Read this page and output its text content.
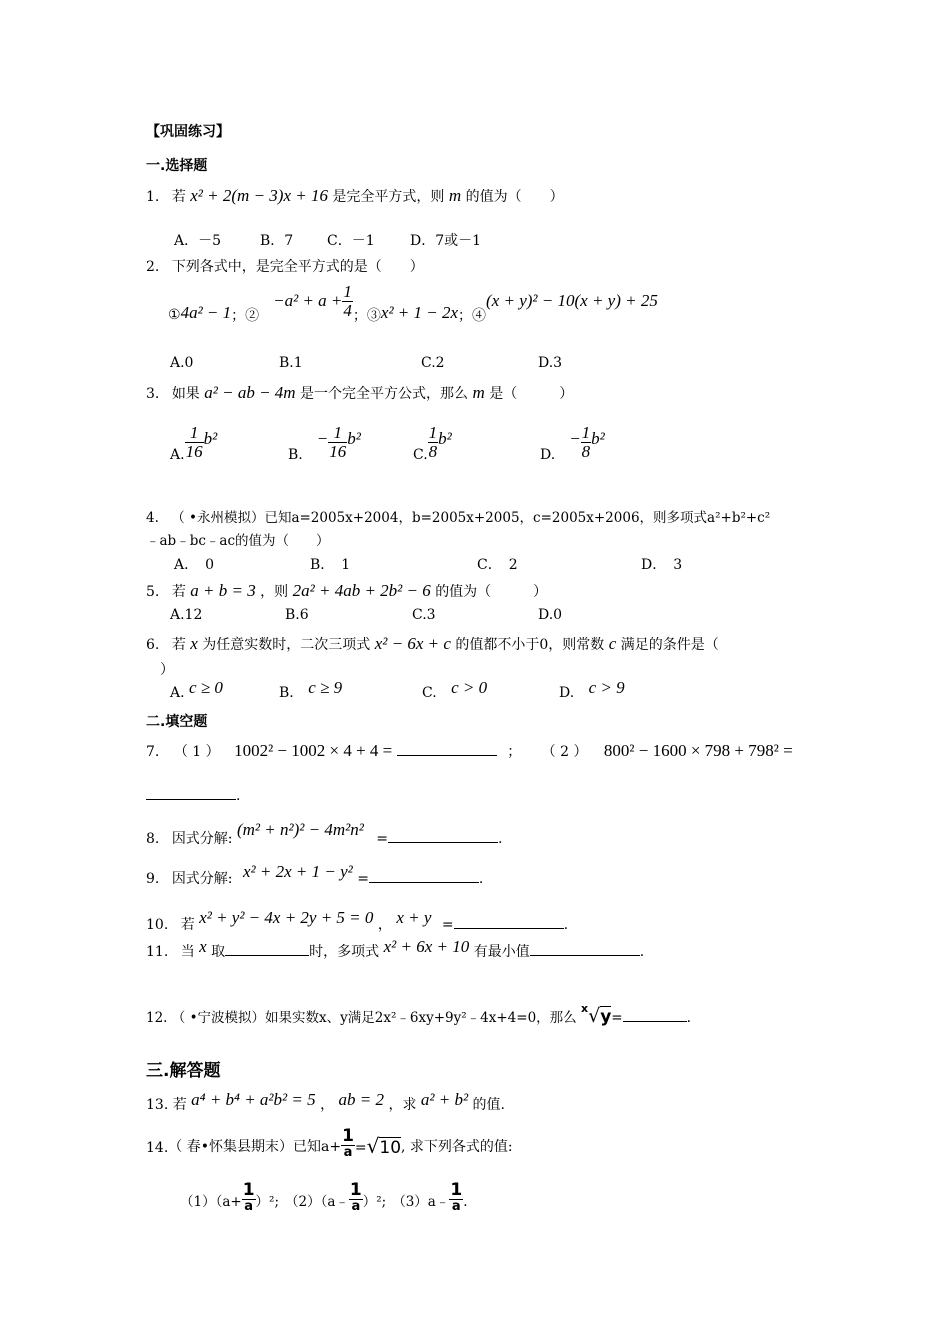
【巩固练习】
一.选择题
1. 若 x² + 2(m − 3)x + 16 是完全平方式，则 m 的值为（　　）
A．－5	B．7 C．－1	D．7或－1
2. 下列各式中，是完全平方式的是（　　）
① 4a² − 1 ；②
$-a^2 + a + \frac{1}{4}$ ；③ x² + 1 − 2x ；④
(x + y)² − 10(x + y) + 25
A.0	B.1	C.2	D.3
3. 如果 a² − ab − 4m 是一个完全平方公式，那么 m 是（　　　）
A. $\frac{1}{16} b^2$
B.
− $\frac{1}{16} b^2$
C. $\frac{1}{8} b^2$
D.
− $\frac{1}{8} b^2$
4. （ •永州模拟）已知a=2005x+2004，b=2005x+2005，c=2005x+2006，则多项式a²+b²+c²
﹣ab﹣bc﹣ac的值为（　　）
A．　0	B．　1	C．　2	D．　3
5. 若 a + b = 3 ，则 2a² + 4ab + 2b² − 6 的值为（　　　）
A.12	B.6	C.3	D.0
6. 若 x 为任意实数时，二次三项式 x² − 6x + c 的值都不小于0，则常数 c 满足的条件是（
）
A. c ≥ 0	B. c ≥ 9	C. c > 0	D. c > 9
二.填空题
7. （ 1 ） 1002² − 1002 × 4 + 4 =	； （ 2 ） 800² − 1600 × 798 + 798² =
.
8. 因式分解: (m² + n²)² − 4m²n² =	.
9. 因式分解: x² + 2x + 1 − y² =	.
10. 若 x² + y² − 4x + 2y + 5 = 0 ， x + y =	.
11. 当 x 取	时，多项式 x² + 6x + 10 有最小值	.
12. （ •宁波模拟）如果实数x、y满足2x²﹣6xy+9y²﹣4x+4=0，那么 $^x$√y=	.
三.解答题
13. 若 a⁴ + b⁴ + a²b² = 5 ， ab = 2 ，求 a² + b² 的值.
14. （ 春•怀集县期末）已知$a+ \frac{1}{a}$ = √ 10 , 求下列各式的值:
$(1)(a+ \frac{1}{a} )^2$; （2）（a﹣ $\frac{1}{a} )^2$; （3）a﹣ $\frac{1}{a}$ .
